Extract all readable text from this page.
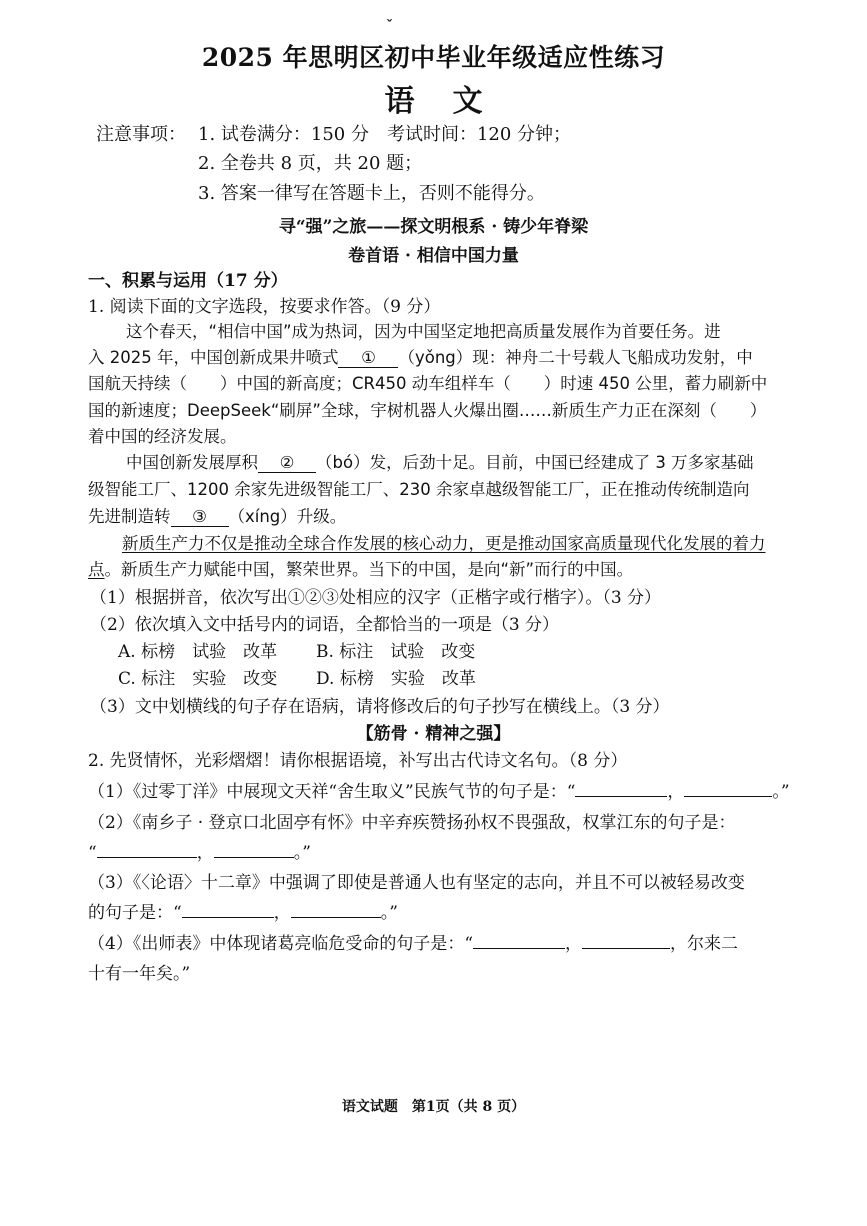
ˇ
2025 年思明区初中毕业年级适应性练习
语文
注意事项： 1. 试卷满分：150 分　考试时间：120 分钟；
2. 全卷共 8 页，共 20 题；
3. 答案一律写在答题卡上，否则不能得分。
寻“强”之旅——探文明根系 · 铸少年脊梁
卷首语 · 相信中国力量
一、积累与运用（17 分）
1. 阅读下面的文字选段，按要求作答。（9 分）
这个春天，“相信中国”成为热词，因为中国坚定地把高质量发展作为首要任务。进
入 2025 年，中国创新成果井喷式 ① （yǒng）现：神舟二十号载人飞船成功发射，中
国航天持续（　　）中国的新高度；CR450 动车组样车（　　）时速 450 公里，蓄力刷新中
国的新速度；DeepSeek“刷屏”全球，宇树机器人火爆出圈……新质生产力正在深刻（　　）
着中国的经济发展。
中国创新发展厚积 ② （bó）发，后劲十足。目前，中国已经建成了 3 万多家基础
级智能工厂、1200 余家先进级智能工厂、230 余家卓越级智能工厂，正在推动传统制造向
先进制造转 ③ （xíng）升级。
新质生产力不仅是推动全球合作发展的核心动力，更是推动国家高质量现代化发展的着力
点。新质生产力赋能中国，繁荣世界。当下的中国，是向“新”而行的中国。
（1）根据拼音，依次写出①②③处相应的汉字（正楷字或行楷字）。（3 分）
（2）依次填入文中括号内的词语，全都恰当的一项是（3 分）
A. 标榜　试验　改革 B. 标注　试验　改变
C. 标注　实验　改变 D. 标榜　实验　改革
（3）文中划横线的句子存在语病，请将修改后的句子抄写在横线上。（3 分）
【筋骨 · 精神之强】
2. 先贤情怀，光彩熠熠！请你根据语境，补写出古代诗文名句。（8 分）
（1）《过零丁洋》中展现文天祥“舍生取义”民族气节的句子是：“	，	。”
（2）《南乡子 · 登京口北固亭有怀》中辛弃疾赞扬孙权不畏强敌，权掌江东的句子是：
“	，	。”
（3）《〈论语〉十二章》中强调了即使是普通人也有坚定的志向，并且不可以被轻易改变
的句子是：“	，	。”
（4）《出师表》中体现诸葛亮临危受命的句子是：“	，	，尔来二
十有一年矣。”
语文试题　第1页（共 8 页）
